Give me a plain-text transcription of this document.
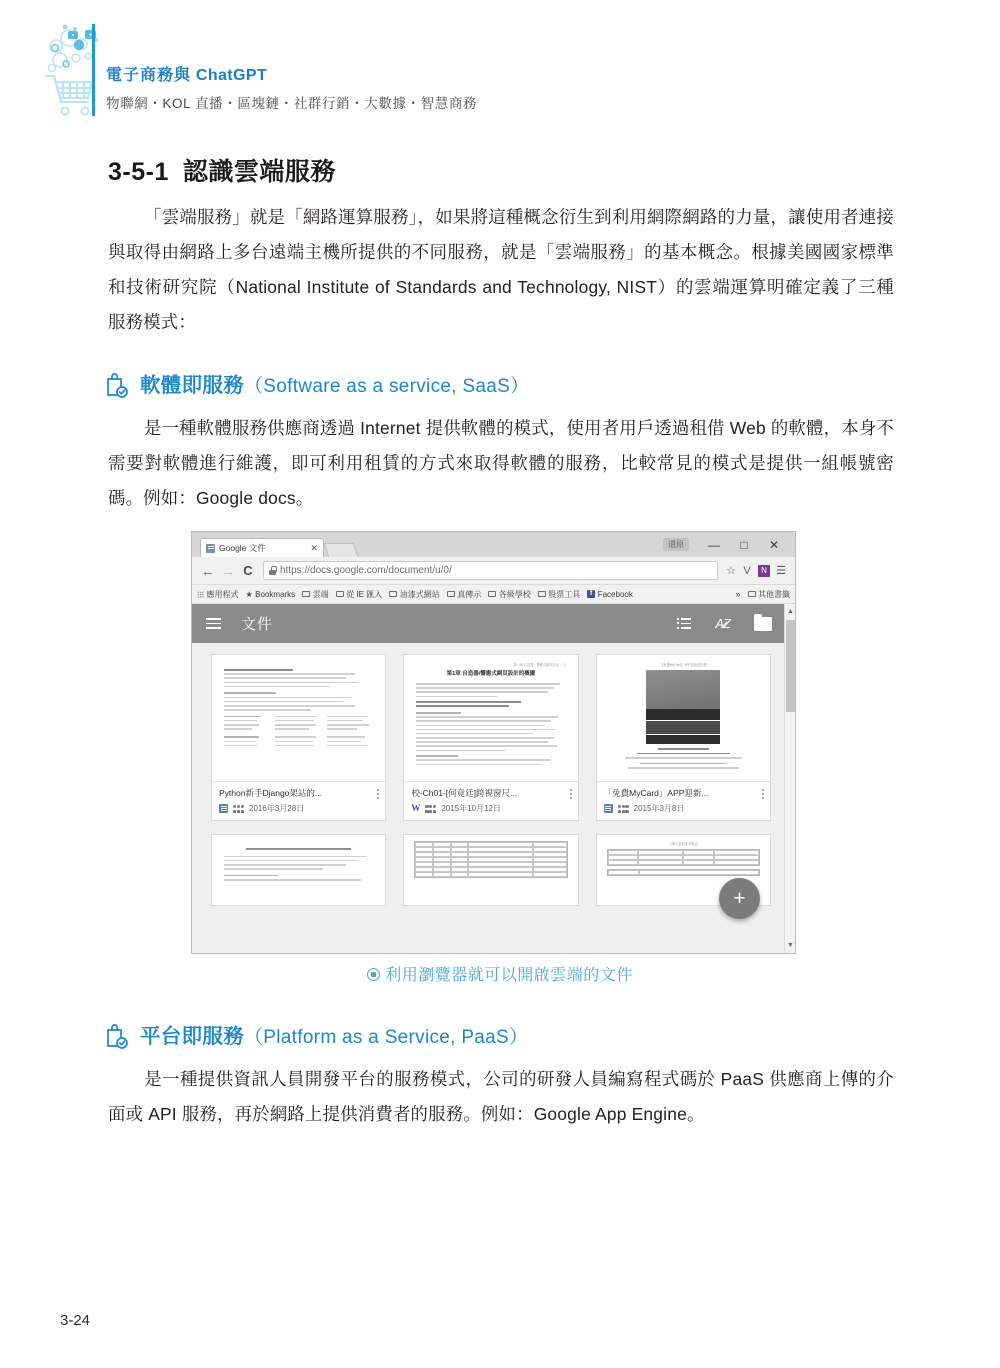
電子商務與 ChatGPT
物聯網・KOL 直播・區塊鏈・社群行銷・大數據・智慧商務
3-5-1 認識雲端服務
「雲端服務」就是「網路運算服務」，如果將這種概念衍生到利用網際網路的力量，讓使用者連接與取得由網路上多台遠端主機所提供的不同服務，就是「雲端服務」的基本概念。根據美國國家標準和技術研究院（National Institute of Standards and Technology, NIST）的雲端運算明確定義了三種服務模式：
軟體即服務（Software as a service, SaaS）
是一種軟體服務供應商透過 Internet 提供軟體的模式，使用者用戶透過租借 Web 的軟體，本身不需要對軟體進行維護，即可利用租賃的方式來取得軟體的服務，比較常見的模式是提供一組帳號密碼。例如：Google docs。
Google 文件	✕	還原	—	□	✕
← → C	https://docs.google.com/document/u/0/	☆ V	N ☰
應用程式 ★ Bookmarks 雲端 從 IE 匯入 油漆式網站 真傳示 各級學校 股票工具	f Facebook	» 其他書籤
文件	A̷Z

Python新手Django架站的...
2016年3月28日
第一章 自造器・響應式網頁設計 ｜ 1
第1章 自造器/響應式網頁設計的概圖
校-Ch01-[何竟廷]跨視窗尺...
W	2015年10月12日
【免費MyCard】APP迎新送好禮
「免費MyCard」APP迎新...
2015年3月8日
公職人員財產申報表
+
▲
▼
利用瀏覽器就可以開啟雲端的文件
平台即服務（Platform as a Service, PaaS）
是一種提供資訊人員開發平台的服務模式，公司的研發人員編寫程式碼於 PaaS 供應商上傳的介面或 API 服務，再於網路上提供消費者的服務。例如：Google App Engine。
3-24
